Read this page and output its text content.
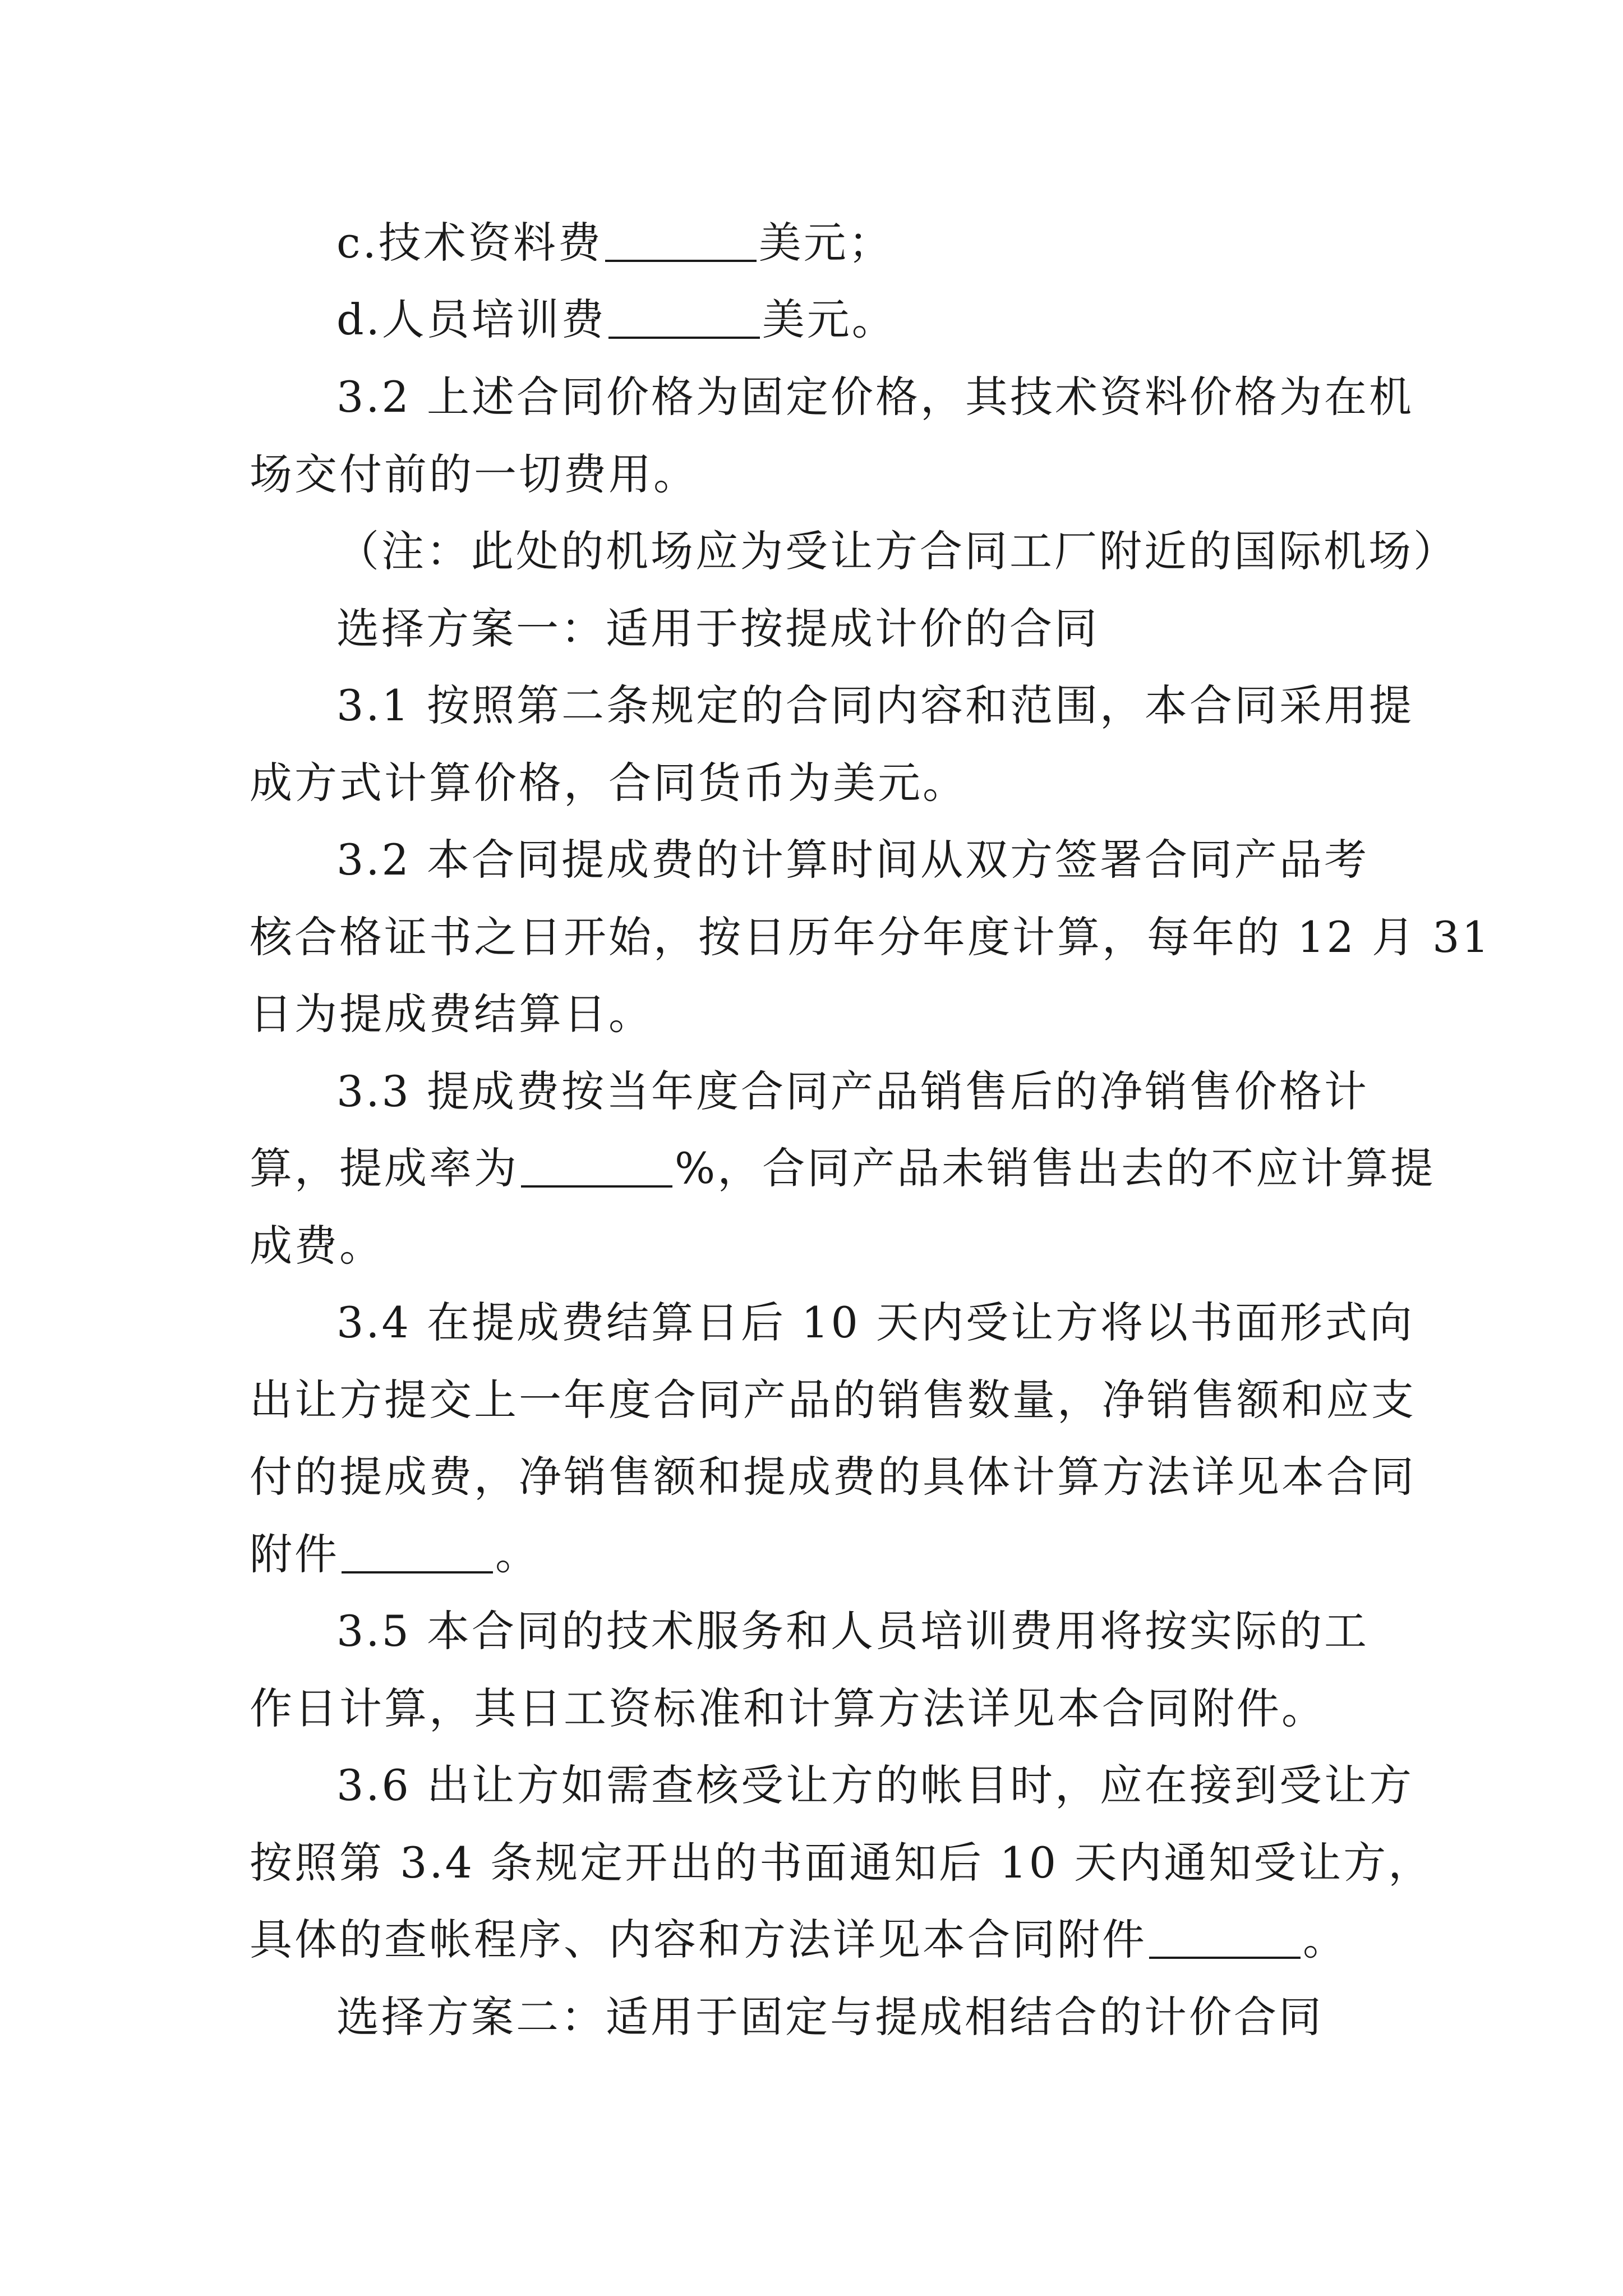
c.技术资料费	美元；
d.人员培训费	美元。
3.2 上述合同价格为固定价格，其技术资料价格为在机
场交付前的一切费用。
（注：此处的机场应为受让方合同工厂附近的国际机场）
选择方案一：适用于按提成计价的合同
3.1 按照第二条规定的合同内容和范围，本合同采用提
成方式计算价格，合同货币为美元。
3.2 本合同提成费的计算时间从双方签署合同产品考
核合格证书之日开始，按日历年分年度计算，每年的 12 月 31
日为提成费结算日。
3.3 提成费按当年度合同产品销售后的净销售价格计
算，提成率为	%，合同产品未销售出去的不应计算提
成费。
3.4 在提成费结算日后 10 天内受让方将以书面形式向
出让方提交上一年度合同产品的销售数量，净销售额和应支
付的提成费，净销售额和提成费的具体计算方法详见本合同
附件	。
3.5 本合同的技术服务和人员培训费用将按实际的工
作日计算，其日工资标准和计算方法详见本合同附件。
3.6 出让方如需查核受让方的帐目时，应在接到受让方
按照第 3.4 条规定开出的书面通知后 10 天内通知受让方，
具体的查帐程序、内容和方法详见本合同附件	。
选择方案二：适用于固定与提成相结合的计价合同
